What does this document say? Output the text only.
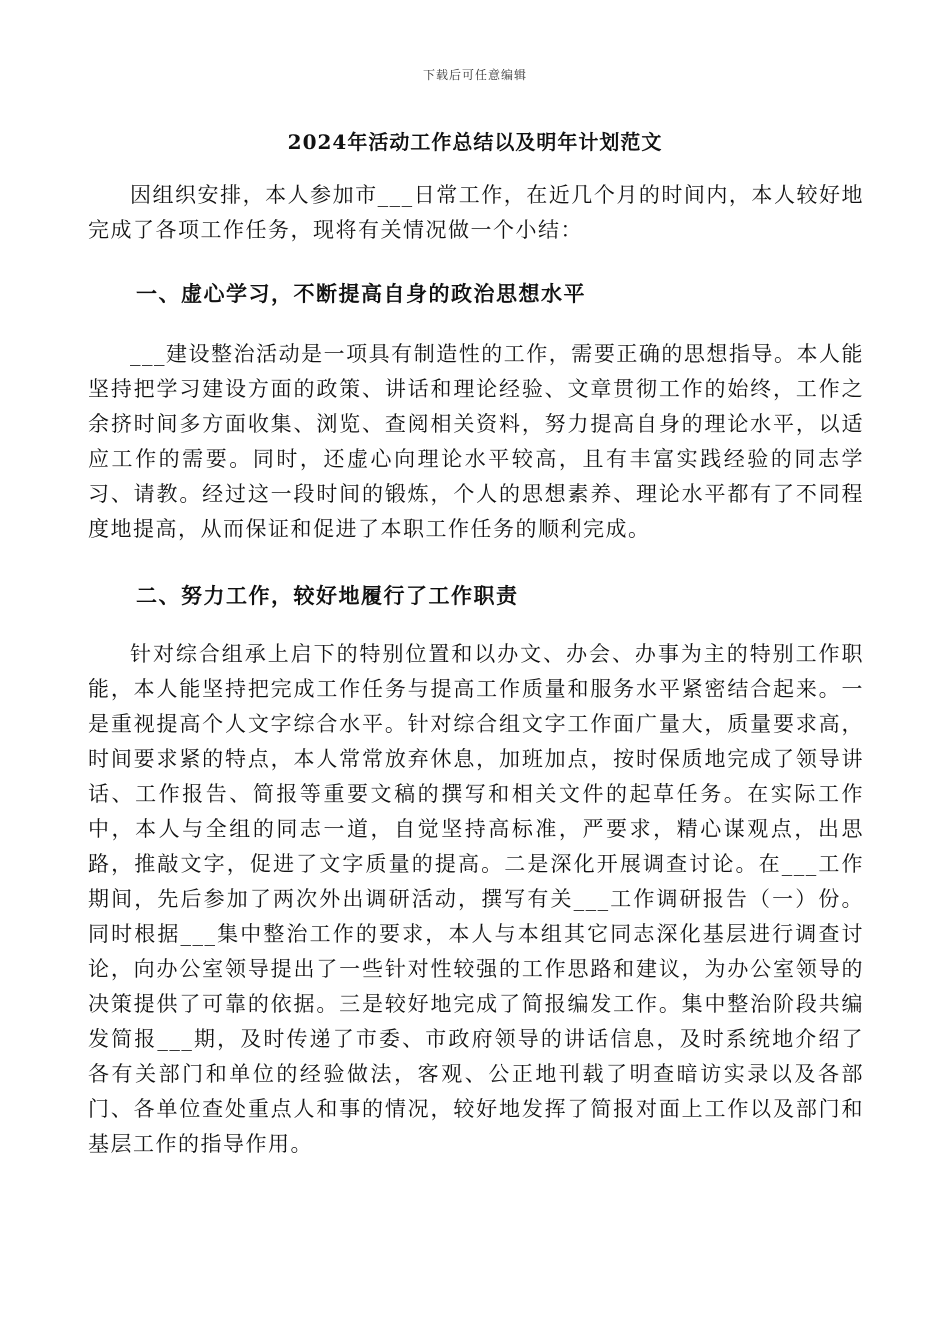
下载后可任意编辑
2024年活动工作总结以及明年计划范文

因组织安排，本人参加市___日常工作，在近几个月的时间内，本人较好地完成了各项工作任务，现将有关情况做一个小结：

一、虚心学习，不断提高自身的政治思想水平

___建设整治活动是一项具有制造性的工作，需要正确的思想指导。本人能坚持把学习建设方面的政策、讲话和理论经验、文章贯彻工作的始终，工作之余挤时间多方面收集、浏览、查阅相关资料，努力提高自身的理论水平，以适应工作的需要。同时，还虚心向理论水平较高，且有丰富实践经验的同志学习、请教。经过这一段时间的锻炼，个人的思想素养、理论水平都有了不同程度地提高，从而保证和促进了本职工作任务的顺利完成。

二、努力工作，较好地履行了工作职责

针对综合组承上启下的特别位置和以办文、办会、办事为主的特别工作职能，本人能坚持把完成工作任务与提高工作质量和服务水平紧密结合起来。一是重视提高个人文字综合水平。针对综合组文字工作面广量大，质量要求高，时间要求紧的特点，本人常常放弃休息，加班加点，按时保质地完成了领导讲话、工作报告、简报等重要文稿的撰写和相关文件的起草任务。在实际工作中，本人与全组的同志一道，自觉坚持高标准，严要求，精心谋观点，出思路，推敲文字，促进了文字质量的提高。二是深化开展调查讨论。在___工作期间，先后参加了两次外出调研活动，撰写有关___工作调研报告（一）份。同时根据___集中整治工作的要求，本人与本组其它同志深化基层进行调查讨论，向办公室领导提出了一些针对性较强的工作思路和建议，为办公室领导的决策提供了可靠的依据。三是较好地完成了简报编发工作。集中整治阶段共编发简报___期，及时传递了市委、市政府领导的讲话信息，及时系统地介绍了各有关部门和单位的经验做法，客观、公正地刊载了明查暗访实录以及各部门、各单位查处重点人和事的情况，较好地发挥了简报对面上工作以及部门和基层工作的指导作用。
